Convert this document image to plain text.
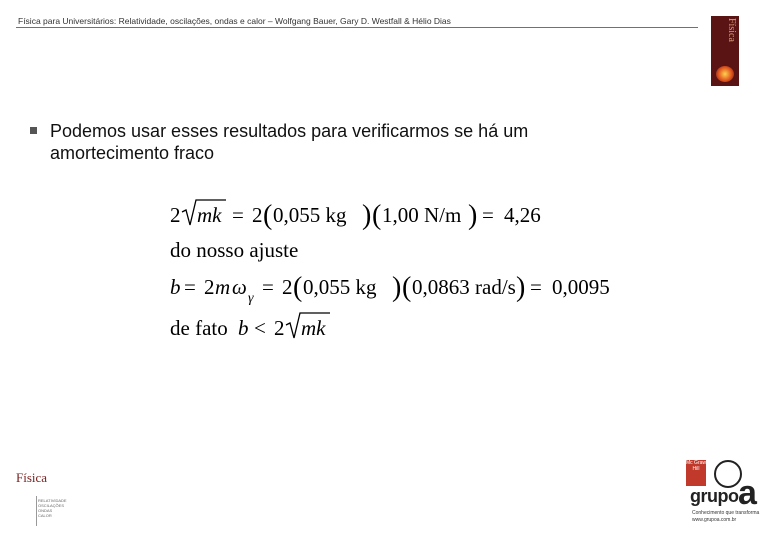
Física para Universitários: Relatividade, oscilações, ondas e calor – Wolfgang Bauer, Gary D. Westfall & Hélio Dias	Física
Podemos usar esses resultados para verificarmos se há um amortecimento fraco
2 mk = 2 ( 0,055 kg ) ( 1,00 N/m ) = 4,26
do nosso ajuste
b = 2 m ω γ = 2 ( 0,055 kg ) ( 0,0863 rad/s ) = 0,0095
de fato b < 2 mk
Física
RELATIVIDADE
OSCILAÇÕES
ONDAS
CALOR
Mc Graw Hill
grupo a
Conhecimento que transforma
www.grupoa.com.br
